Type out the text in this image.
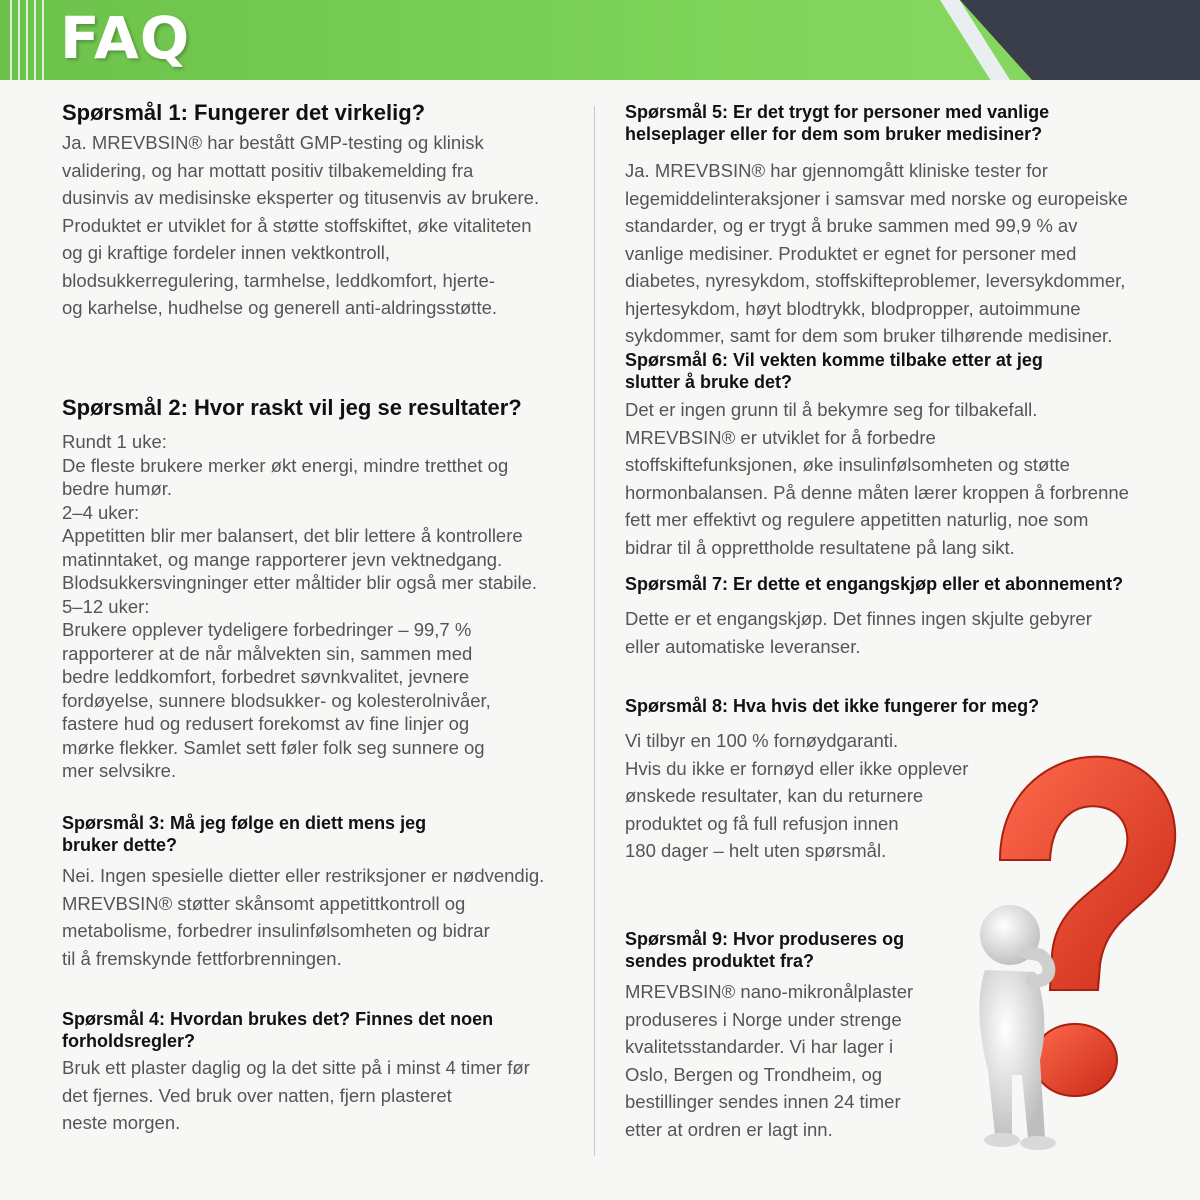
FAQ
Spørsmål 1: Fungerer det virkelig?

Ja. MREVBSIN® har bestått GMP-testing og klinisk
validering, og har mottatt positiv tilbakemelding fra
dusinvis av medisinske eksperter og titusenvis av brukere.
Produktet er utviklet for å støtte stoffskiftet, øke vitaliteten
og gi kraftige fordeler innen vektkontroll,
blodsukkerregulering, tarmhelse, leddkomfort, hjerte-
og karhelse, hudhelse og generell anti-aldringsstøtte.

Spørsmål 2: Hvor raskt vil jeg se resultater?

Rundt 1 uke:
De fleste brukere merker økt energi, mindre tretthet og
bedre humør.
2–4 uker:
Appetitten blir mer balansert, det blir lettere å kontrollere
matinntaket, og mange rapporterer jevn vektnedgang.
Blodsukkersvingninger etter måltider blir også mer stabile.
5–12 uker:
Brukere opplever tydeligere forbedringer – 99,7 %
rapporterer at de når målvekten sin, sammen med
bedre leddkomfort, forbedret søvnkvalitet, jevnere
fordøyelse, sunnere blodsukker- og kolesterolnivåer,
fastere hud og redusert forekomst av fine linjer og
mørke flekker. Samlet sett føler folk seg sunnere og
mer selvsikre.

Spørsmål 3: Må jeg følge en diett mens jeg
bruker dette?

Nei. Ingen spesielle dietter eller restriksjoner er nødvendig.
MREVBSIN® støtter skånsomt appetittkontroll og
metabolisme, forbedrer insulinfølsomheten og bidrar
til å fremskynde fettforbrenningen.

Spørsmål 4: Hvordan brukes det? Finnes det noen
forholdsregler?

Bruk ett plaster daglig og la det sitte på i minst 4 timer før
det fjernes. Ved bruk over natten, fjern plasteret
neste morgen.

Spørsmål 5: Er det trygt for personer med vanlige
helseplager eller for dem som bruker medisiner?

Ja. MREVBSIN® har gjennomgått kliniske tester for
legemiddelinteraksjoner i samsvar med norske og europeiske
standarder, og er trygt å bruke sammen med 99,9 % av
vanlige medisiner. Produktet er egnet for personer med
diabetes, nyresykdom, stoffskifteproblemer, leversykdommer,
hjertesykdom, høyt blodtrykk, blodpropper, autoimmune
sykdommer, samt for dem som bruker tilhørende medisiner.

Spørsmål 6: Vil vekten komme tilbake etter at jeg
slutter å bruke det?

Det er ingen grunn til å bekymre seg for tilbakefall.
MREVBSIN® er utviklet for å forbedre
stoffskiftefunksjonen, øke insulinfølsomheten og støtte
hormonbalansen. På denne måten lærer kroppen å forbrenne
fett mer effektivt og regulere appetitten naturlig, noe som
bidrar til å opprettholde resultatene på lang sikt.

Spørsmål 7: Er dette et engangskjøp eller et abonnement?

Dette er et engangskjøp. Det finnes ingen skjulte gebyrer
eller automatiske leveranser.

Spørsmål 8: Hva hvis det ikke fungerer for meg?

Vi tilbyr en 100 % fornøydgaranti.
Hvis du ikke er fornøyd eller ikke opplever
ønskede resultater, kan du returnere
produktet og få full refusjon innen
180 dager – helt uten spørsmål.

Spørsmål 9: Hvor produseres og
sendes produktet fra?

MREVBSIN® nano-mikronålplaster
produseres i Norge under strenge
kvalitetsstandarder. Vi har lager i
Oslo, Bergen og Trondheim, og
bestillinger sendes innen 24 timer
etter at ordren er lagt inn.
